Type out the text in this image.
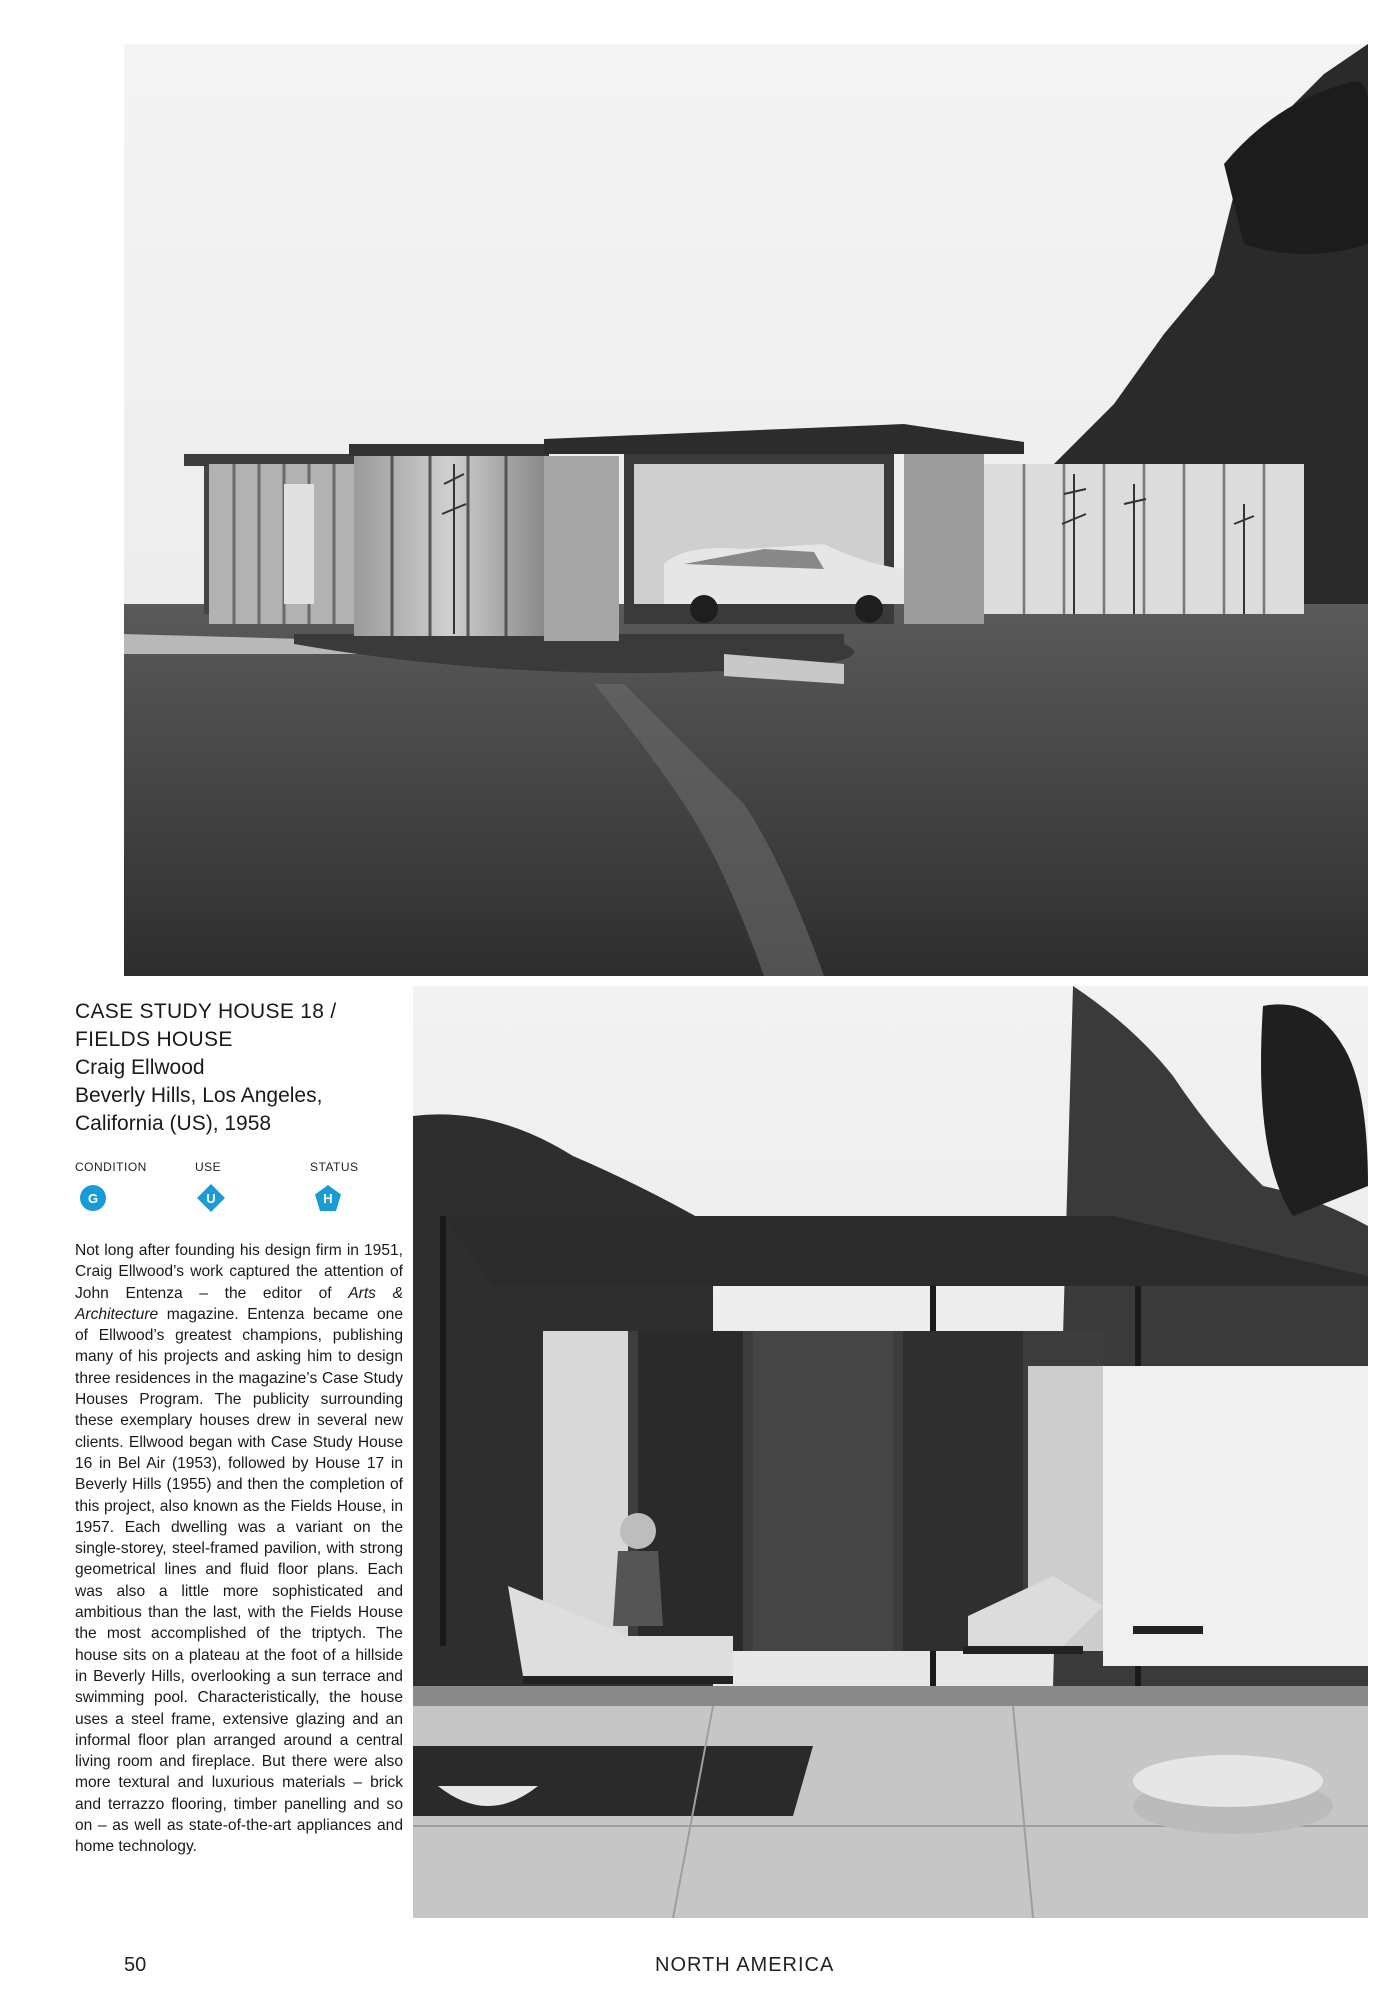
CASE STUDY HOUSE 18 /
FIELDS HOUSE
Craig Ellwood
Beverly Hills, Los Angeles,
California (US), 1958
CONDITION
G
USE
U
STATUS
H
Not long after founding his design firm in 1951, Craig Ellwood’s work captured the attention of John Entenza – the editor of Arts & Architecture magazine. Entenza became one of Ellwood’s greatest champions, publishing many of his projects and asking him to design three residences in the magazine’s Case Study Houses Program. The publicity surrounding these exemplary houses drew in several new clients. Ellwood began with Case Study House 16 in Bel Air (1953), followed by House 17 in Beverly Hills (1955) and then the completion of this project, also known as the Fields House, in 1957. Each dwelling was a variant on the single-storey, steel-framed pavilion, with strong geometrical lines and fluid floor plans. Each was also a little more sophisticated and ambitious than the last, with the Fields House the most accomplished of the triptych. The house sits on a plateau at the foot of a hillside in Beverly Hills, overlooking a sun terrace and swimming pool. Characteristically, the house uses a steel frame, extensive glazing and an informal floor plan arranged around a central living room and fireplace. But there were also more textural and luxurious materials – brick and terrazzo flooring, timber panelling and so on – as well as state-of-the-art appliances and home technology.
50	NORTH AMERICA
